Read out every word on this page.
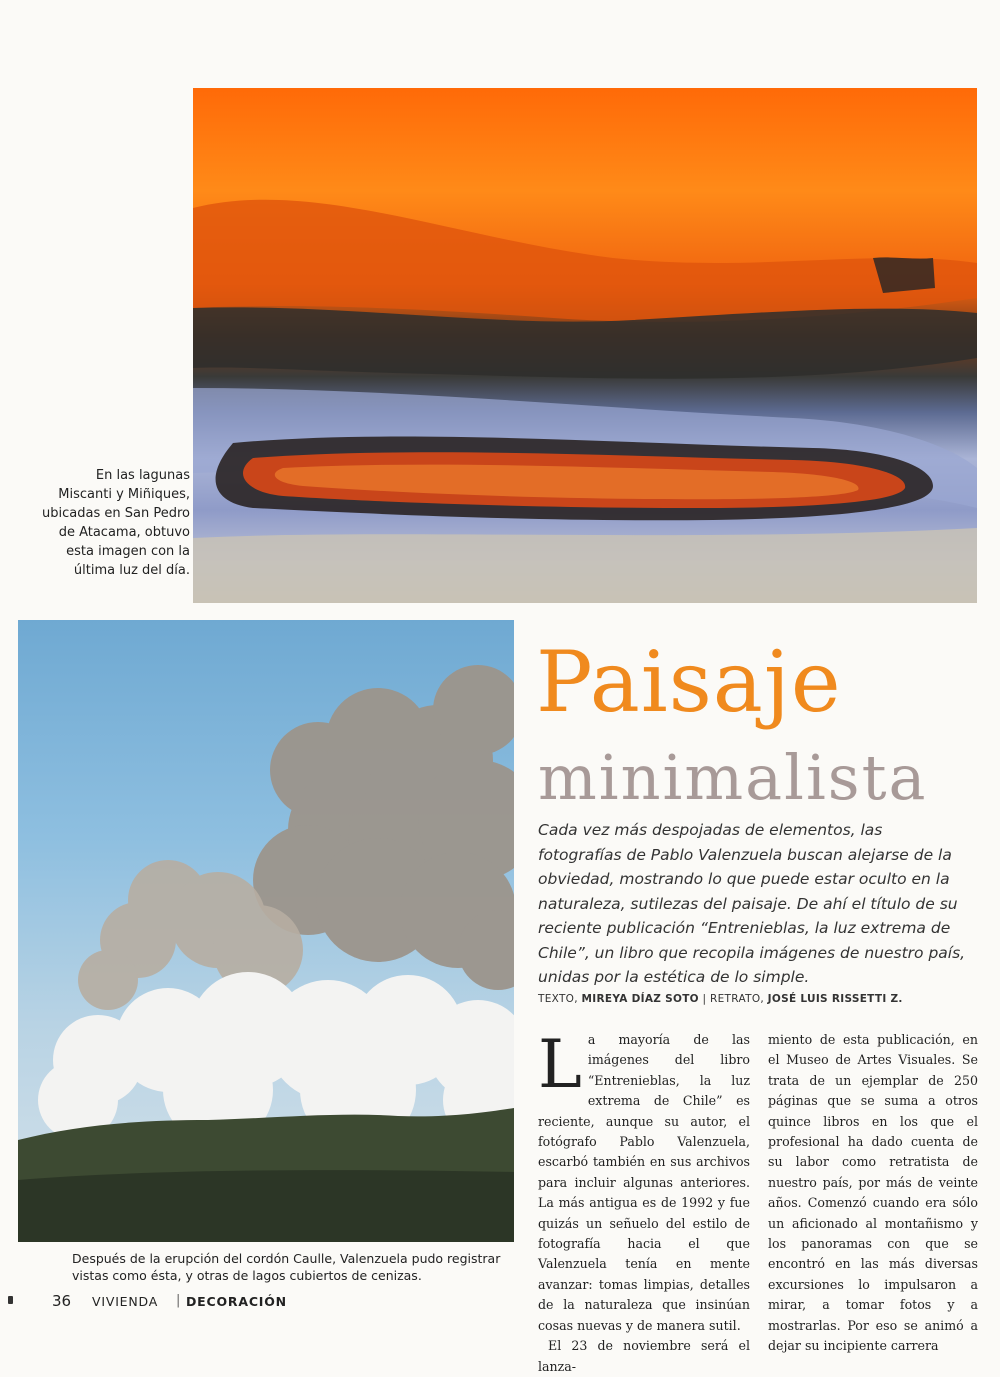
En las lagunas Miscanti y Miñiques, ubicadas en San Pedro de Atacama, obtuvo esta imagen con la última luz del día.
Después de la erupción del cordón Caulle, Valenzuela pudo registrar vistas como ésta, y otras de lagos cubiertos de cenizas.
Paisaje
minimalista
Cada vez más despojadas de elementos, las fotografías de Pablo Valenzuela buscan alejarse de la obviedad, mostrando lo que puede estar oculto en la naturaleza, sutilezas del paisaje. De ahí el título de su reciente publicación “Entrenieblas, la luz extrema de Chile”, un libro que recopila imágenes de nuestro país, unidas por la estética de lo simple.
TEXTO, MIREYA DÍAZ SOTO | RETRATO, JOSÉ LUIS RISSETTI Z.
L a mayoría de las imágenes del libro “Entrenieblas, la luz extrema de Chile” es reciente, aunque su autor, el fotógrafo Pablo Valenzuela, escarbó también en sus archivos para incluir algunas anteriores. La más antigua es de 1992 y fue quizás un señuelo del estilo de fotografía hacia el que Valenzuela tenía en mente avanzar: tomas limpias, detalles de la naturaleza que insinúan cosas nuevas y de manera sutil.

El 23 de noviembre será el lanza-

miento de esta publicación, en el Museo de Artes Visuales. Se trata de un ejemplar de 250 páginas que se suma a otros quince libros en los que el profesional ha dado cuenta de su labor como retratista de nuestro país, por más de veinte años. Comenzó cuando era sólo un aficionado al montañismo y los panoramas con que se encontró en las más diversas excursiones lo impulsaron a mirar, a tomar fotos y a mostrarlas. Por eso se animó a dejar su incipiente carrera

36 VIVIENDA | DECORACIÓN
